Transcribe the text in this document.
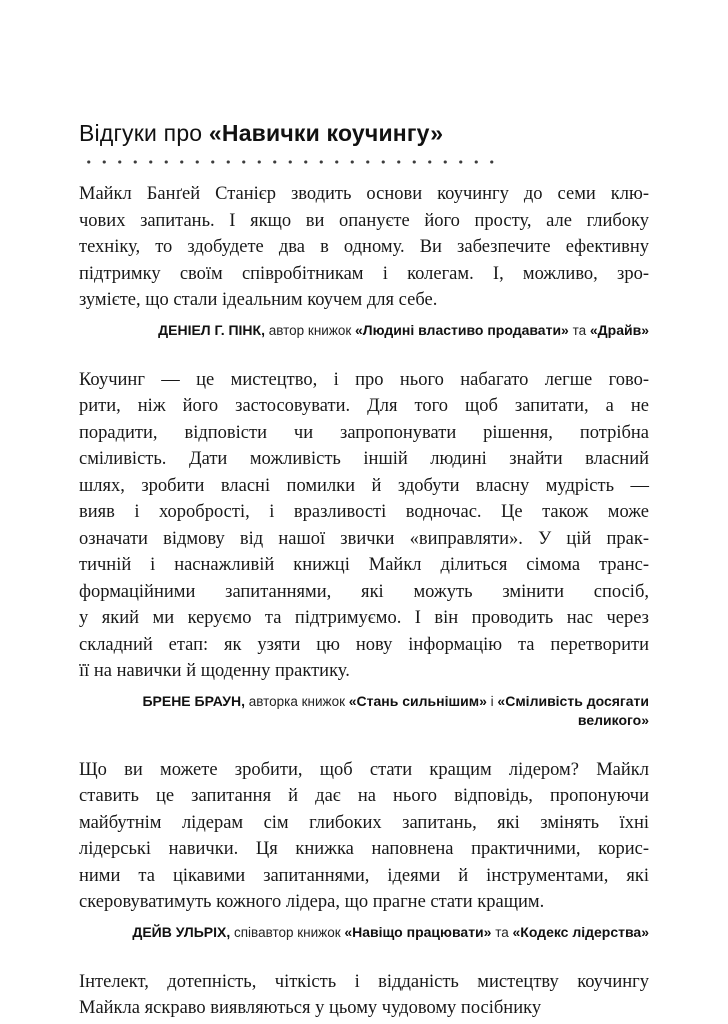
Відгуки про «Навички коучингу»
Майкл Банґей Станієр зводить основи коучингу до семи клю-
чових запитань. І якщо ви опануєте його просту, але глибоку
техніку, то здобудете два в одному. Ви забезпечите ефективну
підтримку своїм співробітникам і колегам. І, можливо, зро-
зумієте, що стали ідеальним коучем для себе.
ДЕНІЕЛ Г. ПІНК, автор книжок «Людині властиво продавати» та «Драйв»
Коучинг — це мистецтво, і про нього набагато легше гово-
рити, ніж його застосовувати. Для того щоб запитати, а не
порадити, відповісти чи запропонувати рішення, потрібна
сміливість. Дати можливість іншій людині знайти власний
шлях, зробити власні помилки й здобути власну мудрість —
вияв і хоробрості, і вразливості водночас. Це також може
означати відмову від нашої звички «виправляти». У цій прак-
тичній і наснажливій книжці Майкл ділиться сімома транс-
формаційними запитаннями, які можуть змінити спосіб,
у який ми керуємо та підтримуємо. І він проводить нас через
складний етап: як узяти цю нову інформацію та перетворити
її на навички й щоденну практику.
БРЕНЕ БРАУН, авторка книжок «Стань сильнішим» і «Сміливість досягати великого»
Що ви можете зробити, щоб стати кращим лідером? Майкл
ставить це запитання й дає на нього відповідь, пропонуючи
майбутнім лідерам сім глибоких запитань, які змінять їхні
лідерські навички. Ця книжка наповнена практичними, корис-
ними та цікавими запитаннями, ідеями й інструментами, які
скеровуватимуть кожного лідера, що прагне стати кращим.
ДЕЙВ УЛЬРІХ, співавтор книжок «Навіщо працювати» та «Кодекс лідерства»
Інтелект, дотепність, чіткість і відданість мистецтву коучингу
Майкла яскраво виявляються у цьому чудовому посібнику
